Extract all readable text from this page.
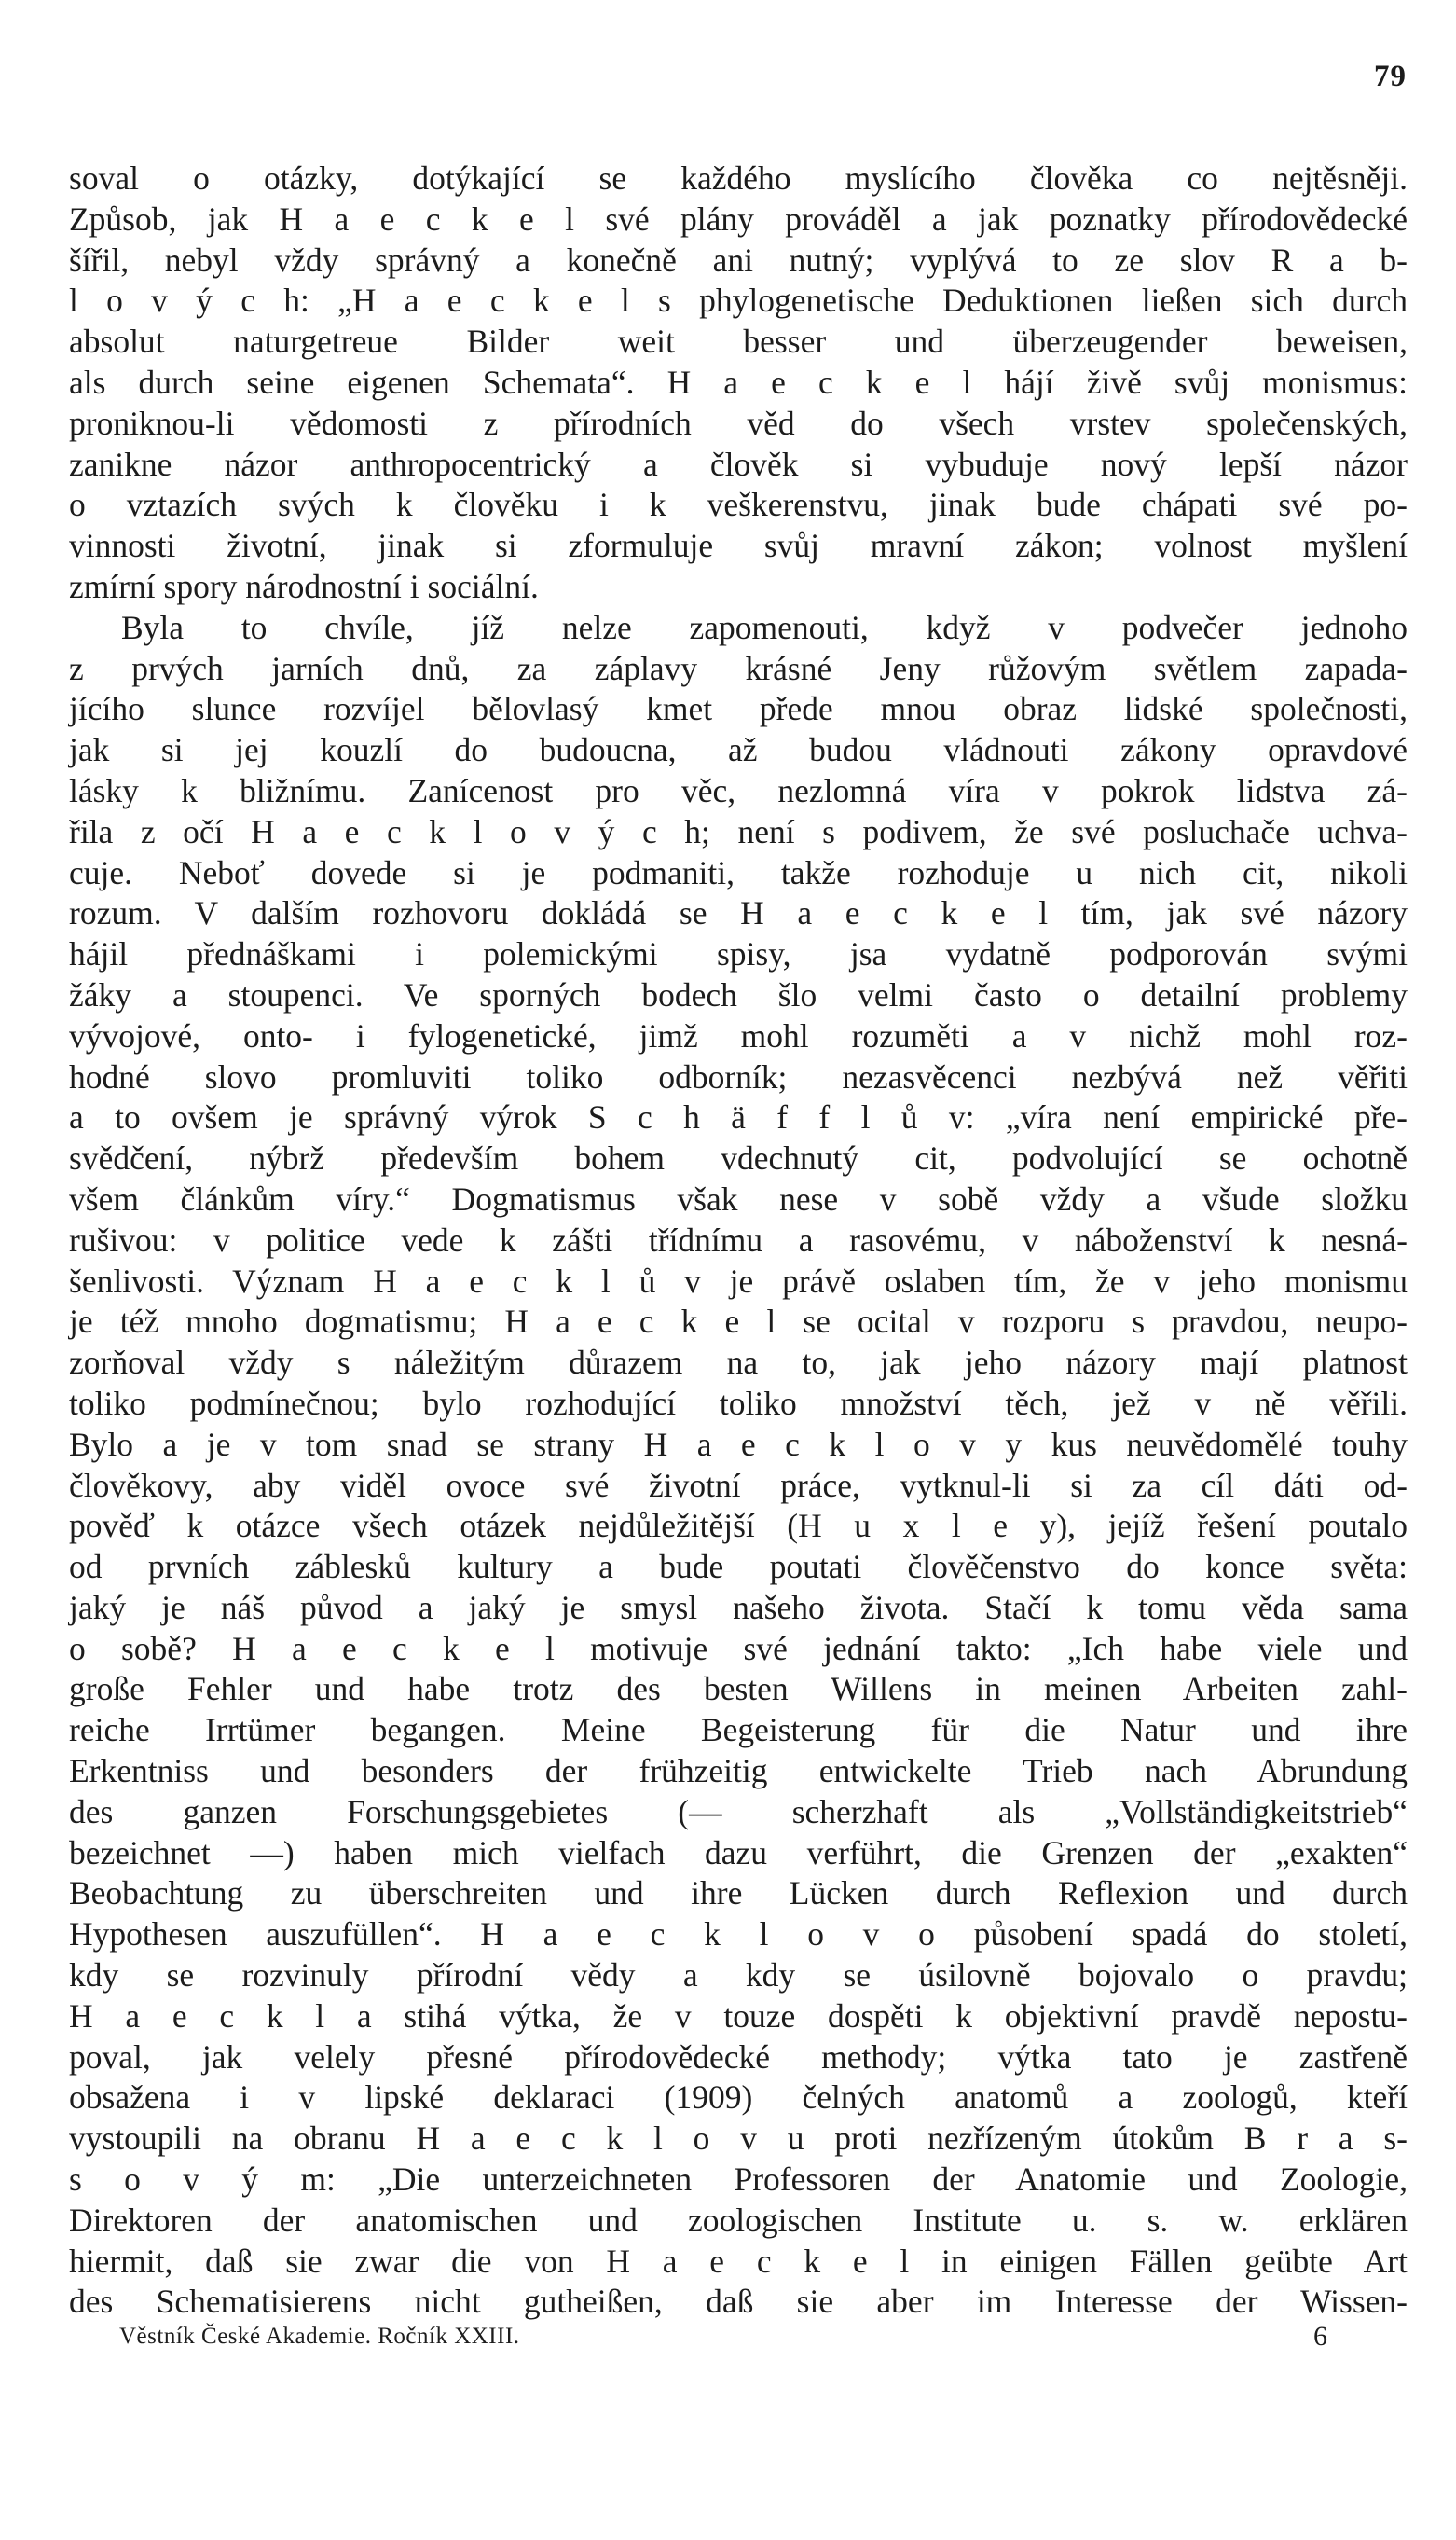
79
soval o otázky, dotýkající se každého myslícího člověka co nejtěsněji.
Způsob, jak H a e c k e l své plány prováděl a jak poznatky přírodovědecké
šířil, nebyl vždy správný a konečně ani nutný; vyplývá to ze slov R a b-
l o v ý c h: „H a e c k e l s phylogenetische Deduktionen ließen sich durch
absolut naturgetreue Bilder weit besser und überzeugender beweisen,
als durch seine eigenen Schemata“. H a e c k e l hájí živě svůj monismus:
proniknou-li vědomosti z přírodních věd do všech vrstev společenských,
zanikne názor anthropocentrický a člověk si vybuduje nový lepší názor
o vztazích svých k člověku i k veškerenstvu, jinak bude chápati své po-
vinnosti životní, jinak si zformuluje svůj mravní zákon; volnost myšlení
zmírní spory národnostní i sociální.
Byla to chvíle, jíž nelze zapomenouti, když v podvečer jednoho
z prvých jarních dnů, za záplavy krásné Jeny růžovým světlem zapada-
jícího slunce rozvíjel bělovlasý kmet přede mnou obraz lidské společnosti,
jak si jej kouzlí do budoucna, až budou vládnouti zákony opravdové
lásky k bližnímu. Zanícenost pro věc, nezlomná víra v pokrok lidstva zá-
řila z očí H a e c k l o v ý c h; není s podivem, že své posluchače uchva-
cuje. Neboť dovede si je podmaniti, takže rozhoduje u nich cit, nikoli
rozum. V dalším rozhovoru dokládá se H a e c k e l tím, jak své názory
hájil přednáškami i polemickými spisy, jsa vydatně podporován svými
žáky a stoupenci. Ve sporných bodech šlo velmi často o detailní problemy
vývojové, onto- i fylogenetické, jimž mohl rozuměti a v nichž mohl roz-
hodné slovo promluviti toliko odborník; nezasvěcenci nezbývá než věřiti
a to ovšem je správný výrok S c h ä f f l ů v: „víra není empirické pře-
svědčení, nýbrž především bohem vdechnutý cit, podvolující se ochotně
všem článkům víry.“ Dogmatismus však nese v sobě vždy a všude složku
rušivou: v politice vede k zášti třídnímu a rasovému, v náboženství k nesná-
šenlivosti. Význam H a e c k l ů v je právě oslaben tím, že v jeho monismu
je též mnoho dogmatismu; H a e c k e l se ocital v rozporu s pravdou, neupo-
zorňoval vždy s náležitým důrazem na to, jak jeho názory mají platnost
toliko podmínečnou; bylo rozhodující toliko množství těch, jež v ně věřili.
Bylo a je v tom snad se strany H a e c k l o v y kus neuvědomělé touhy
člověkovy, aby viděl ovoce své životní práce, vytknul-li si za cíl dáti od-
pověď k otázce všech otázek nejdůležitější (H u x l e y), jejíž řešení poutalo
od prvních záblesků kultury a bude poutati člověčenstvo do konce světa:
jaký je náš původ a jaký je smysl našeho života. Stačí k tomu věda sama
o sobě? H a e c k e l motivuje své jednání takto: „Ich habe viele und
große Fehler und habe trotz des besten Willens in meinen Arbeiten zahl-
reiche Irrtümer begangen. Meine Begeisterung für die Natur und ihre
Erkentniss und besonders der frühzeitig entwickelte Trieb nach Abrundung
des ganzen Forschungsgebietes (— scherzhaft als „Vollständigkeitstrieb“
bezeichnet —) haben mich vielfach dazu verführt, die Grenzen der „exakten“
Beobachtung zu überschreiten und ihre Lücken durch Reflexion und durch
Hypothesen auszufüllen“. H a e c k l o v o působení spadá do století,
kdy se rozvinuly přírodní vědy a kdy se úsilovně bojovalo o pravdu;
H a e c k l a stihá výtka, že v touze dospěti k objektivní pravdě nepostu-
poval, jak velely přesné přírodovědecké methody; výtka tato je zastřeně
obsažena i v lipské deklaraci (1909) čelných anatomů a zoologů, kteří
vystoupili na obranu H a e c k l o v u proti nezřízeným útokům B r a s-
s o v ý m: „Die unterzeichneten Professoren der Anatomie und Zoologie,
Direktoren der anatomischen und zoologischen Institute u. s. w. erklären
hiermit, daß sie zwar die von H a e c k e l in einigen Fällen geübte Art
des Schematisierens nicht gutheißen, daß sie aber im Interesse der Wissen-
Věstník České Akademie. Ročník XXIII.	6
